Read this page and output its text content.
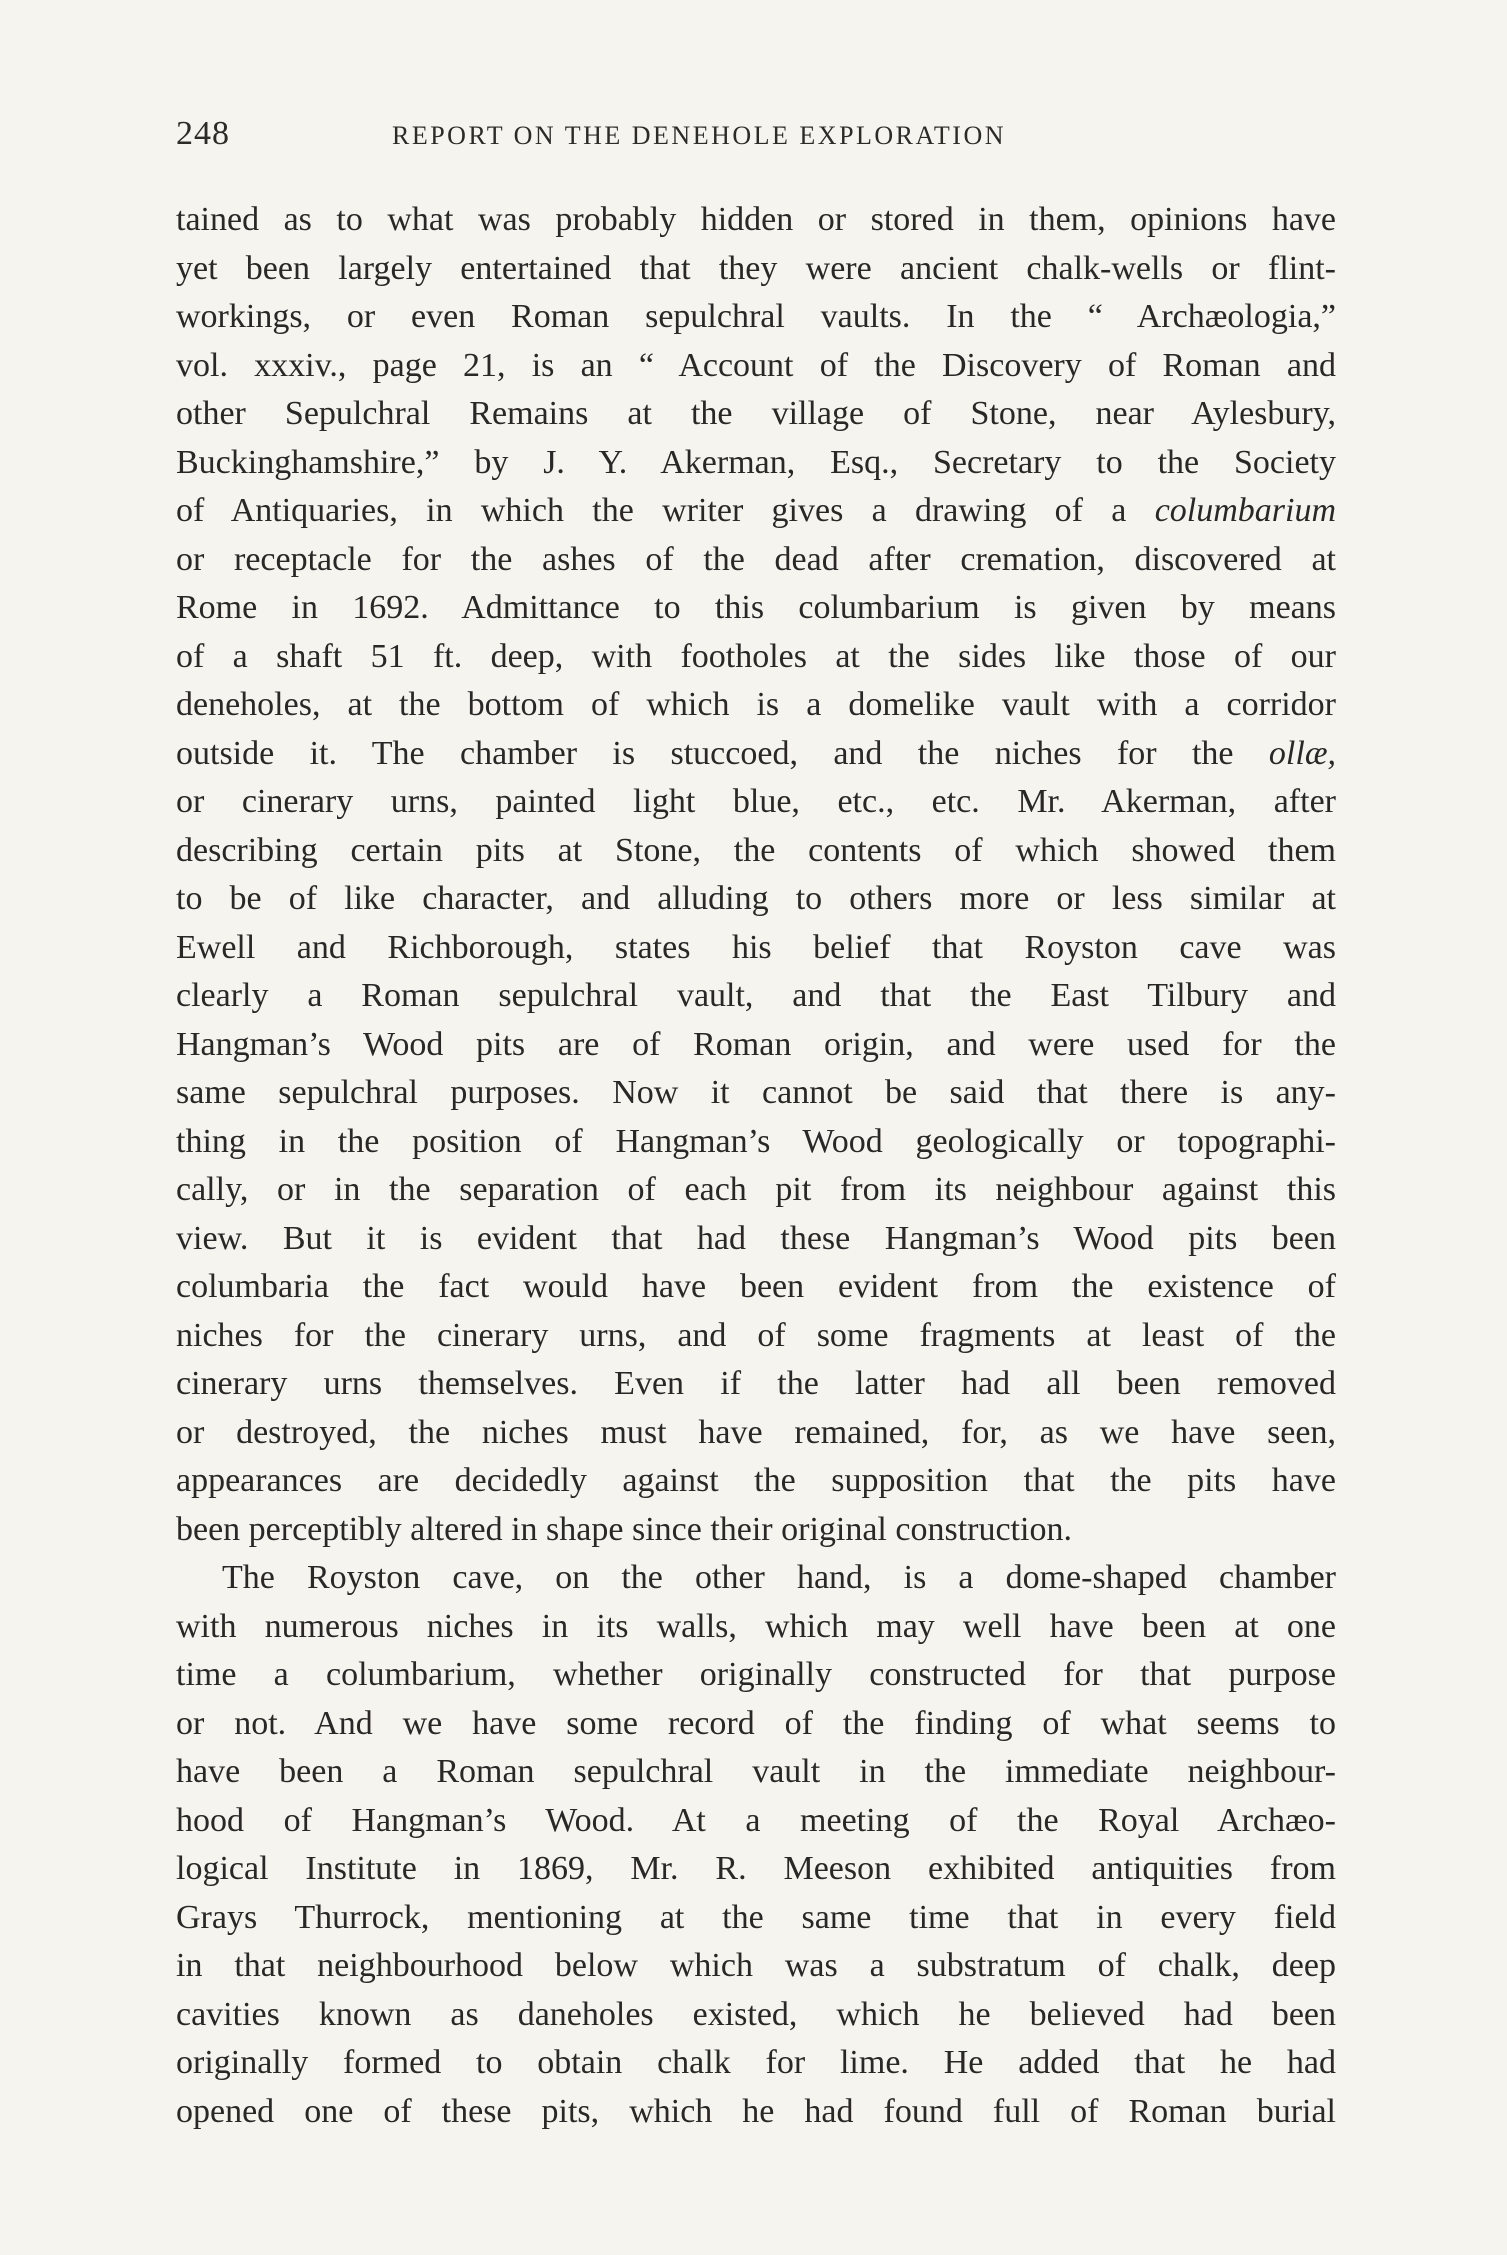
248	REPORT ON THE DENEHOLE EXPLORATION
tained as to what was probably hidden or stored in them, opinions have
yet been largely entertained that they were ancient chalk-wells or flint-
workings, or even Roman sepulchral vaults. In the “ Archæologia,”
vol. xxxiv., page 21, is an “ Account of the Discovery of Roman and
other Sepulchral Remains at the village of Stone, near Aylesbury,
Buckinghamshire,” by J. Y. Akerman, Esq., Secretary to the Society
of Antiquaries, in which the writer gives a drawing of a columbarium
or receptacle for the ashes of the dead after cremation, discovered at
Rome in 1692. Admittance to this columbarium is given by means
of a shaft 51 ft. deep, with footholes at the sides like those of our
deneholes, at the bottom of which is a domelike vault with a corridor
outside it. The chamber is stuccoed, and the niches for the ollæ,
or cinerary urns, painted light blue, etc., etc. Mr. Akerman, after
describing certain pits at Stone, the contents of which showed them
to be of like character, and alluding to others more or less similar at
Ewell and Richborough, states his belief that Royston cave was
clearly a Roman sepulchral vault, and that the East Tilbury and
Hangman’s Wood pits are of Roman origin, and were used for the
same sepulchral purposes. Now it cannot be said that there is any-
thing in the position of Hangman’s Wood geologically or topographi-
cally, or in the separation of each pit from its neighbour against this
view. But it is evident that had these Hangman’s Wood pits been
columbaria the fact would have been evident from the existence of
niches for the cinerary urns, and of some fragments at least of the
cinerary urns themselves. Even if the latter had all been removed
or destroyed, the niches must have remained, for, as we have seen,
appearances are decidedly against the supposition that the pits have
been perceptibly altered in shape since their original construction.
The Royston cave, on the other hand, is a dome-shaped chamber
with numerous niches in its walls, which may well have been at one
time a columbarium, whether originally constructed for that purpose
or not. And we have some record of the finding of what seems to
have been a Roman sepulchral vault in the immediate neighbour-
hood of Hangman’s Wood. At a meeting of the Royal Archæo-
logical Institute in 1869, Mr. R. Meeson exhibited antiquities from
Grays Thurrock, mentioning at the same time that in every field
in that neighbourhood below which was a substratum of chalk, deep
cavities known as daneholes existed, which he believed had been
originally formed to obtain chalk for lime. He added that he had
opened one of these pits, which he had found full of Roman burial
